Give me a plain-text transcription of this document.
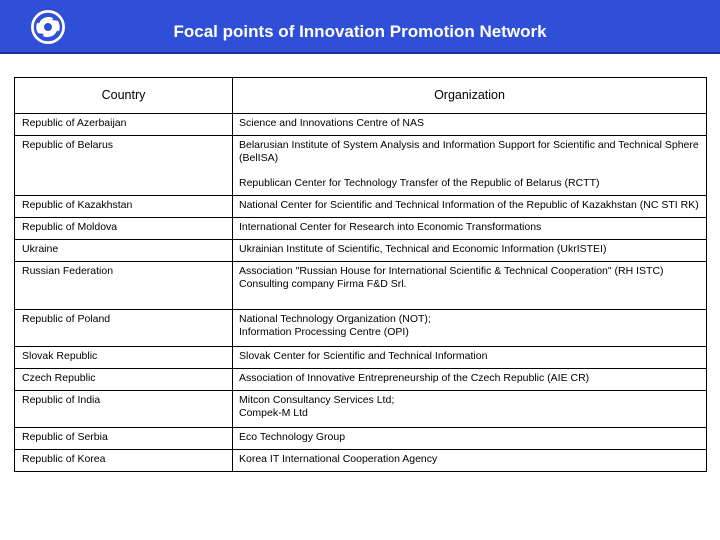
Focal points of Innovation Promotion Network
Country	Organization
Republic of Azerbaijan	Science and Innovations Centre of NAS

Republic of Belarus	Belarusian Institute of System Analysis and Information Support for Scientific and Technical Sphere (BelISA)
Republican Center for Technology Transfer of the Republic of Belarus (RCTT)

Republic of Kazakhstan	National Center for Scientific and Technical Information of the Republic of Kazakhstan (NC STI RK)

Republic of Moldova	International Center for Research into Economic Transformations

Ukraine	Ukrainian Institute of Scientific, Technical and Economic Information (UkrISTEI)

Russian Federation	Association "Russian House for International Scientific & Technical Cooperation" (RH ISTC)
Consulting company Firma F&D Srl.

Republic of Poland	National Technology Organization (NOT);
Information Processing Centre (OPI)

Slovak Republic	Slovak Center for Scientific and Technical Information

Czech Republic	Association of Innovative Entrepreneurship of the Czech Republic (AIE CR)

Republic of India	Mitcon Consultancy Services Ltd;
Compek-M Ltd

Republic of Serbia	Eco Technology Group

Republic of Korea	Korea IT International Cooperation Agency
